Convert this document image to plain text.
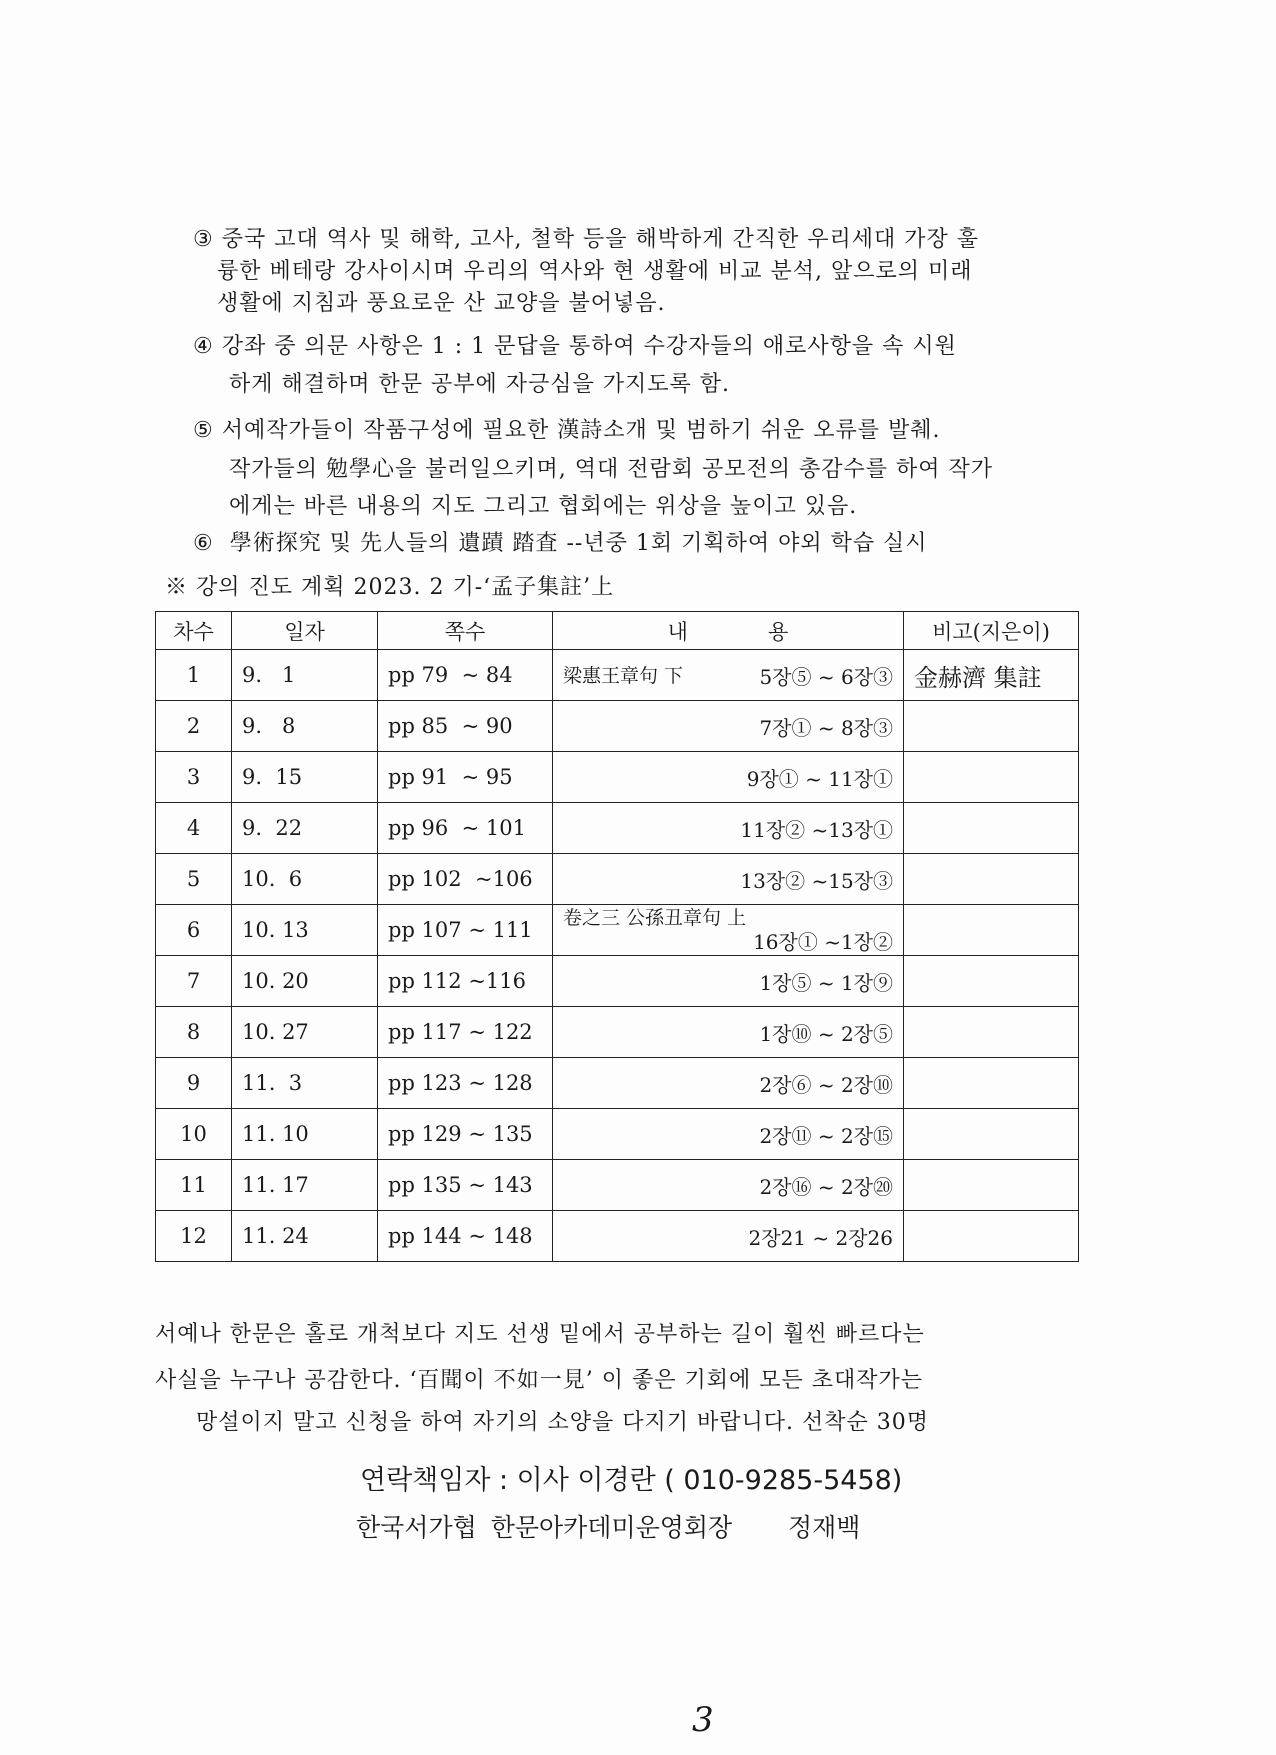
③ 중국 고대 역사 및 해학, 고사, 철학 등을 해박하게 간직한 우리세대 가장 훌
륭한 베테랑 강사이시며 우리의 역사와 현 생활에 비교 분석, 앞으로의 미래
생활에 지침과 풍요로운 산 교양을 불어넣음.
④ 강좌 중 의문 사항은 1 : 1 문답을 통하여 수강자들의 애로사항을 속 시원
하게 해결하며 한문 공부에 자긍심을 가지도록 함.
⑤ 서예작가들이 작품구성에 필요한 漢詩소개 및 범하기 쉬운 오류를 발췌.
작가들의 勉學心을 불러일으키며, 역대 전람회 공모전의 총감수를 하여 작가
에게는 바른 내용의 지도 그리고 협회에는 위상을 높이고 있음.
⑥ 學術探究 및 先人들의 遺蹟 踏査 --년중 1회 기획하여 야외 학습 실시
※ 강의 진도 계획 2023. 2 기-‘孟子集註’上
차수	일자	쪽수	내            용	비고(지은이)
1	9.   1	pp 79  ~ 84	梁惠王章句 下 5장⑤ ~ 6장③	金赫濟 集註
2	9.   8	pp 85  ~ 90	7장① ~ 8장③	
3	9.  15	pp 91  ~ 95	9장① ~ 11장①	
4	9.  22	pp 96  ~ 101	11장② ~13장①	
5	10.  6	pp 102  ~106	13장② ~15장③	
6	10. 13	pp 107 ~ 111	卷之三 公孫丑章句 上
16장① ~1장②	

7	10. 20	pp 112 ~116	1장⑤ ~ 1장⑨	
8	10. 27	pp 117 ~ 122	1장⑩ ~ 2장⑤	
9	11.  3	pp 123 ~ 128	2장⑥ ~ 2장⑩	
10	11. 10	pp 129 ~ 135	2장⑪ ~ 2장⑮	
11	11. 17	pp 135 ~ 143	2장⑯ ~ 2장⑳	
12	11. 24	pp 144 ~ 148	2장21 ~ 2장26	
서예나 한문은 홀로 개척보다 지도 선생 밑에서 공부하는 길이 훨씬 빠르다는
사실을 누구나 공감한다. ‘百聞이 不如一見’ 이 좋은 기회에 모든 초대작가는
망설이지 말고 신청을 하여 자기의 소양을 다지기 바랍니다. 선착순 30명
연락책임자 : 이사 이경란 ( 010-9285-5458)
한국서가협 한문아카데미운영회장    정재백
3
